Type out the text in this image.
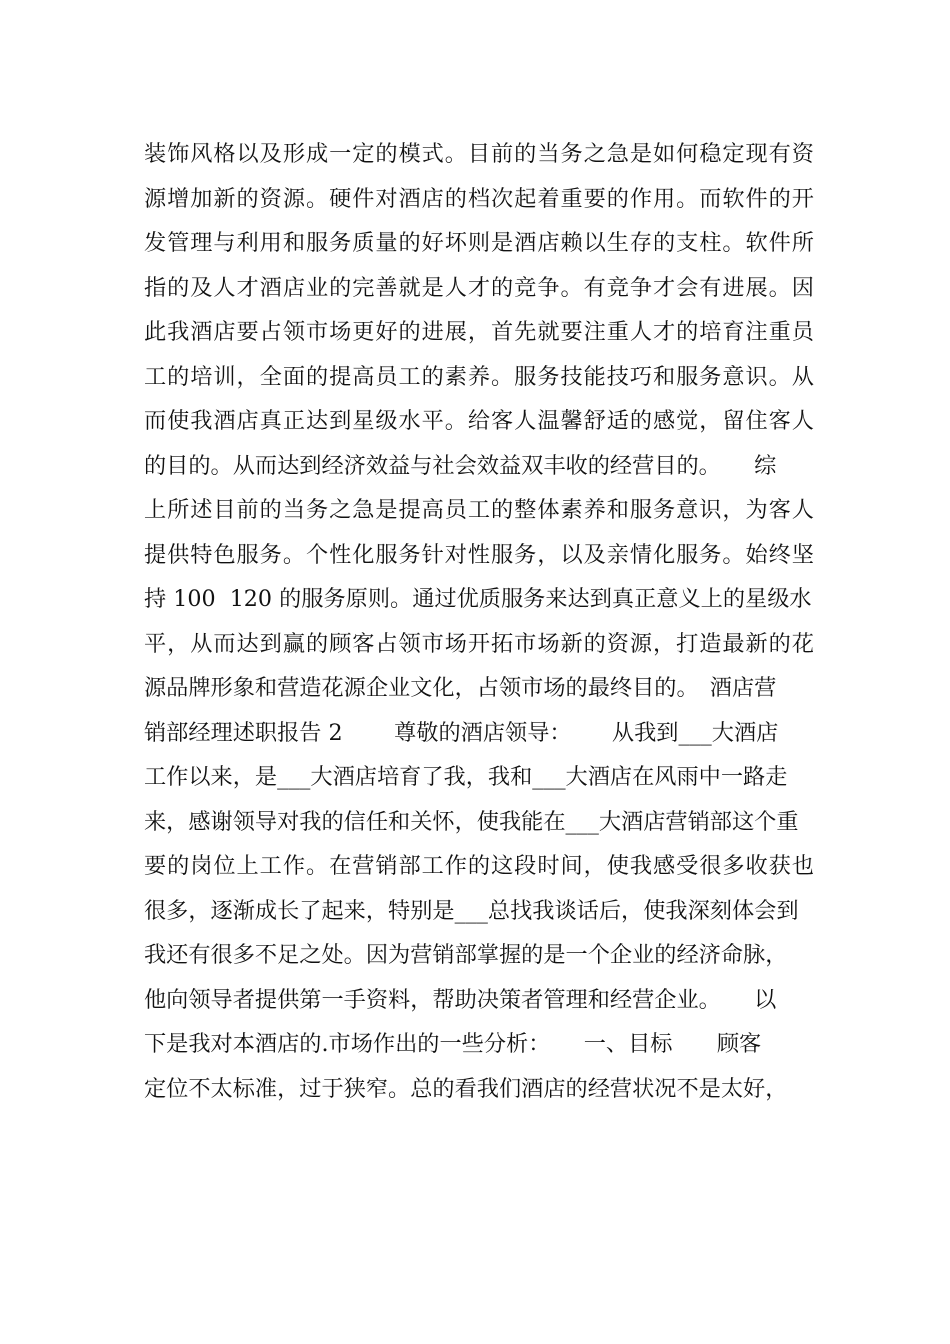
装饰风格以及形成一定的模式。目前的当务之急是如何稳定现有资
源增加新的资源。硬件对酒店的档次起着重要的作用。而软件的开
发管理与利用和服务质量的好坏则是酒店赖以生存的支柱。软件所
指的及人才酒店业的完善就是人才的竞争。有竞争才会有进展。因
此我酒店要占领市场更好的进展，首先就要注重人才的培育注重员
工的培训，全面的提高员工的素养。服务技能技巧和服务意识。从
而使我酒店真正达到星级水平。给客人温馨舒适的感觉，留住客人
的目的。从而达到经济效益与社会效益双丰收的经营目的。　　综
上所述目前的当务之急是提高员工的整体素养和服务意识，为客人
提供特色服务。个性化服务针对性服务，以及亲情化服务。始终坚
持 100  120 的服务原则。通过优质服务来达到真正意义上的星级水
平，从而达到赢的顾客占领市场开拓市场新的资源，打造最新的花
源品牌形象和营造花源企业文化，占领市场的最终目的。　酒店营
销部经理述职报告 2　　 尊敬的酒店领导：　　 从我到___大酒店
工作以来，是___大酒店培育了我，我和___大酒店在风雨中一路走
来，感谢领导对我的信任和关怀，使我能在___大酒店营销部这个重
要的岗位上工作。在营销部工作的这段时间，使我感受很多收获也
很多，逐渐成长了起来，特别是___总找我谈话后，使我深刻体会到
我还有很多不足之处。因为营销部掌握的是一个企业的经济命脉，
他向领导者提供第一手资料，帮助决策者管理和经营企业。　　以
下是我对本酒店的.市场作出的一些分析：　　一、目标　　顾客
定位不太标准，过于狭窄。总的看我们酒店的经营状况不是太好，
